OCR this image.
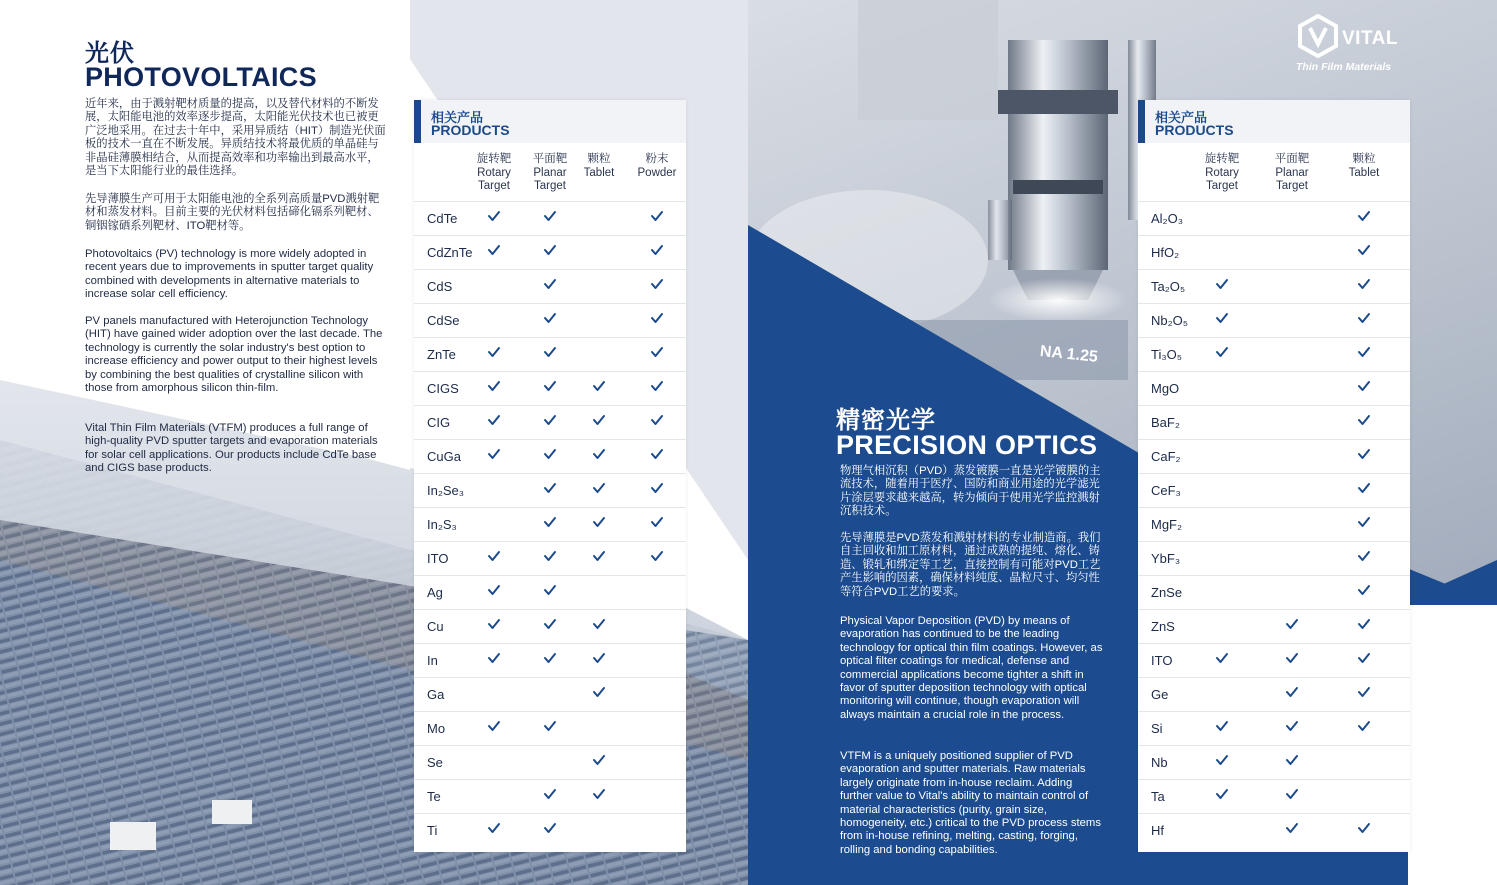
NA 1.25
VITAL
Thin Film Materials
光伏
PHOTOVOLTAICS
近年来，由于溅射靶材质量的提高，以及替代材料的不断发展，太阳能电池的效率逐步提高，太阳能光伏技术也已被更广泛地采用。在过去十年中，采用异质结（HIT）制造光伏面板的技术一直在不断发展。异质结技术将最优质的单晶硅与非晶硅薄膜相结合，从而提高效率和功率输出到最高水平，是当下太阳能行业的最佳选择。
先导薄膜生产可用于太阳能电池的全系列高质量PVD溅射靶材和蒸发材料。目前主要的光伏材料包括碲化镉系列靶材、铜铟镓硒系列靶材、ITO靶材等。
Photovoltaics (PV) technology is more widely adopted in recent years due to improvements in sputter target quality combined with developments in alternative materials to increase solar cell efficiency.
PV panels manufactured with Heterojunction Technology (HIT) have gained wider adoption over the last decade. The technology is currently the solar industry's best option to increase efficiency and power output to their highest levels by combining the best qualities of crystalline silicon with those from amorphous silicon thin-film.
Vital Thin Film Materials (VTFM) produces a full range of high-quality PVD sputter targets and evaporation materials for solar cell applications. Our products include CdTe base and CIGS base products.
相关产品
PRODUCTS
旋转靶
Rotary
Target
平面靶
Planar
Target
颗粒
Tablet
粉末
Powder
CdTe
CdZnTe
CdS
CdSe
ZnTe
CIGS
CIG
CuGa
In₂Se₃
In₂S₃
ITO
Ag
Cu
In
Ga
Mo
Se
Te
Ti
精密光学
PRECISION OPTICS
物理气相沉积（PVD）蒸发镀膜一直是光学镀膜的主流技术，随着用于医疗、国防和商业用途的光学滤光片涂层要求越来越高，转为倾向于使用光学监控溅射沉积技术。
先导薄膜是PVD蒸发和溅射材料的专业制造商。我们自主回收和加工原材料，通过成熟的提纯、熔化、铸造、锻轧和绑定等工艺，直接控制有可能对PVD工艺产生影响的因素，确保材料纯度、晶粒尺寸、均匀性等符合PVD工艺的要求。
Physical Vapor Deposition (PVD) by means of evaporation has continued to be the leading technology for optical thin film coatings. However, as optical filter coatings for medical, defense and commercial applications become tighter a shift in favor of sputter deposition technology with optical monitoring will continue, though evaporation will always maintain a crucial role in the process.
VTFM is a uniquely positioned supplier of PVD evaporation and sputter materials. Raw materials largely originate from in-house reclaim. Adding further value to Vital's ability to maintain control of material characteristics (purity, grain size, homogeneity, etc.) critical to the PVD process stems from in-house refining, melting, casting, forging, rolling and bonding capabilities.
相关产品
PRODUCTS
旋转靶
Rotary
Target
平面靶
Planar
Target
颗粒
Tablet
Al₂O₃
HfO₂
Ta₂O₅
Nb₂O₅
Ti₃O₅
MgO
BaF₂
CaF₂
CeF₃
MgF₂
YbF₃
ZnSe
ZnS
ITO
Ge
Si
Nb
Ta
Hf
